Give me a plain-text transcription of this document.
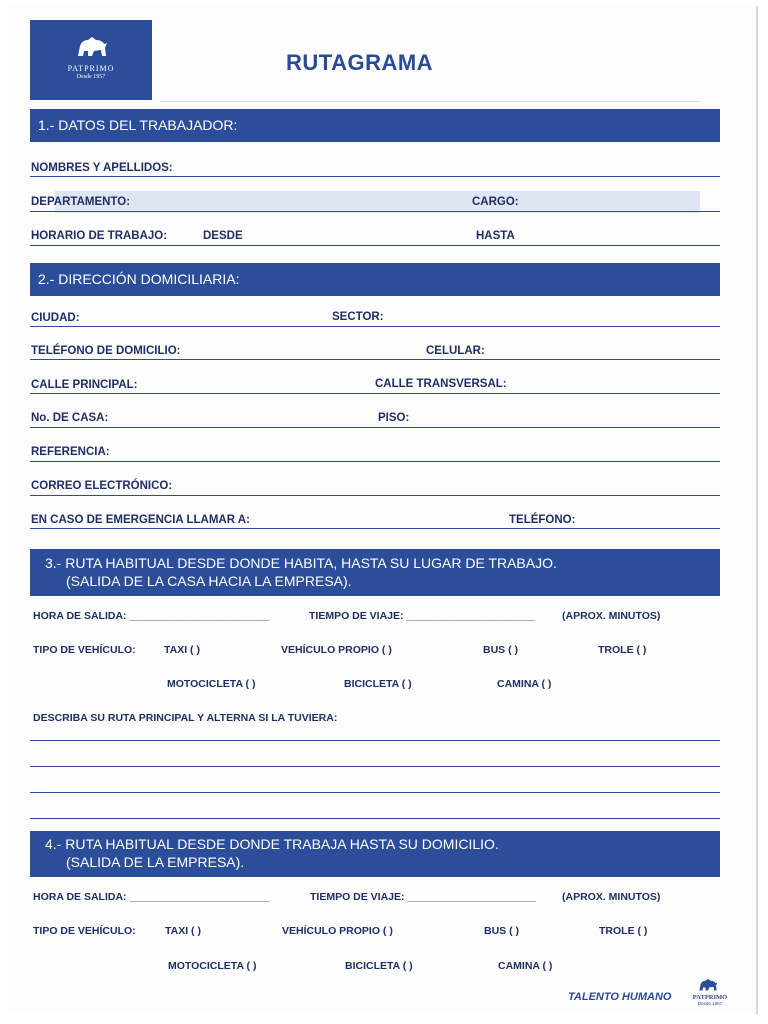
PATPRIMO
Desde 1957
RUTAGRAMA
1.- DATOS DEL TRABAJADOR:
NOMBRES Y APELLIDOS:
DEPARTAMENTO:	CARGO:
HORARIO DE TRABAJO:	DESDE	HASTA
2.- DIRECCIÓN DOMICILIARIA:
CIUDAD:	SECTOR:
TELÉFONO DE DOMICILIO:	CELULAR:
CALLE PRINCIPAL:	CALLE TRANSVERSAL:
No. DE CASA:	PISO:
REFERENCIA:
CORREO ELECTRÓNICO:
EN CASO DE EMERGENCIA LLAMAR A:	TELÉFONO:
3.- RUTA HABITUAL DESDE DONDE HABITA, HASTA SU LUGAR DE TRABAJO.
(SALIDA DE LA CASA HACIA LA EMPRESA).
HORA DE SALIDA: ________________________	TIEMPO DE VIAJE: ______________________	(APROX. MINUTOS)
TIPO DE VEHÍCULO:	TAXI ( )	VEHÍCULO PROPIO ( )	BUS ( )	TROLE ( )
MOTOCICLETA ( )	BICICLETA ( )	CAMINA ( )
DESCRIBA SU RUTA PRINCIPAL Y ALTERNA SI LA TUVIERA:
4.- RUTA HABITUAL DESDE DONDE TRABAJA HASTA SU DOMICILIO.
(SALIDA DE LA EMPRESA).
HORA DE SALIDA: ________________________	TIEMPO DE VIAJE: ______________________ (APROX. MINUTOS)
TIPO DE VEHÍCULO:	TAXI ( )	VEHÍCULO PROPIO ( )	BUS ( )	TROLE ( )
MOTOCICLETA ( )	BICICLETA ( )	CAMINA ( )
TALENTO HUMANO	PATPRIMO
Desde 1957
